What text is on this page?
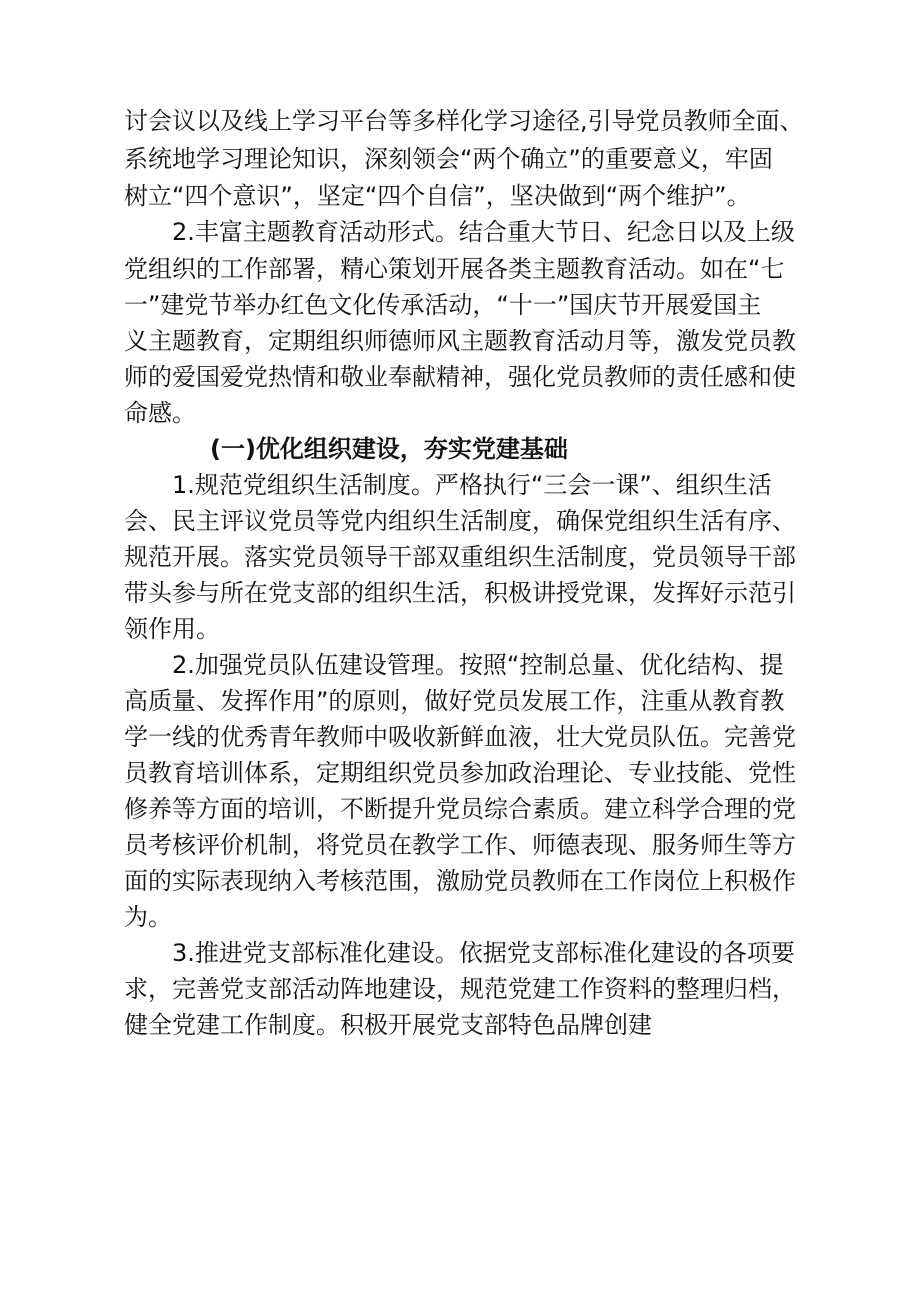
讨会议以及线上学习平台等多样化学习途径,引导党员教师全面、
系统地学习理论知识，深刻领会“两个确立”的重要意义，牢固
树立“四个意识”，坚定“四个自信”，坚决做到“两个维护”。
2.丰富主题教育活动形式。结合重大节日、纪念日以及上级
党组织的工作部署，精心策划开展各类主题教育活动。如在“七
一”建党节举办红色文化传承活动，“十一”国庆节开展爱国主
义主题教育，定期组织师德师风主题教育活动月等，激发党员教
师的爱国爱党热情和敬业奉献精神，强化党员教师的责任感和使
命感。
(一)优化组织建设，夯实党建基础
1.规范党组织生活制度。严格执行“三会一课”、组织生活
会、民主评议党员等党内组织生活制度，确保党组织生活有序、
规范开展。落实党员领导干部双重组织生活制度，党员领导干部
带头参与所在党支部的组织生活，积极讲授党课，发挥好示范引
领作用。
2.加强党员队伍建设管理。按照“控制总量、优化结构、提
高质量、发挥作用”的原则，做好党员发展工作，注重从教育教
学一线的优秀青年教师中吸收新鲜血液，壮大党员队伍。完善党
员教育培训体系，定期组织党员参加政治理论、专业技能、党性
修养等方面的培训，不断提升党员综合素质。建立科学合理的党
员考核评价机制，将党员在教学工作、师德表现、服务师生等方
面的实际表现纳入考核范围，激励党员教师在工作岗位上积极作
为。
3.推进党支部标准化建设。依据党支部标准化建设的各项要
求，完善党支部活动阵地建设，规范党建工作资料的整理归档，
健全党建工作制度。积极开展党支部特色品牌创建
